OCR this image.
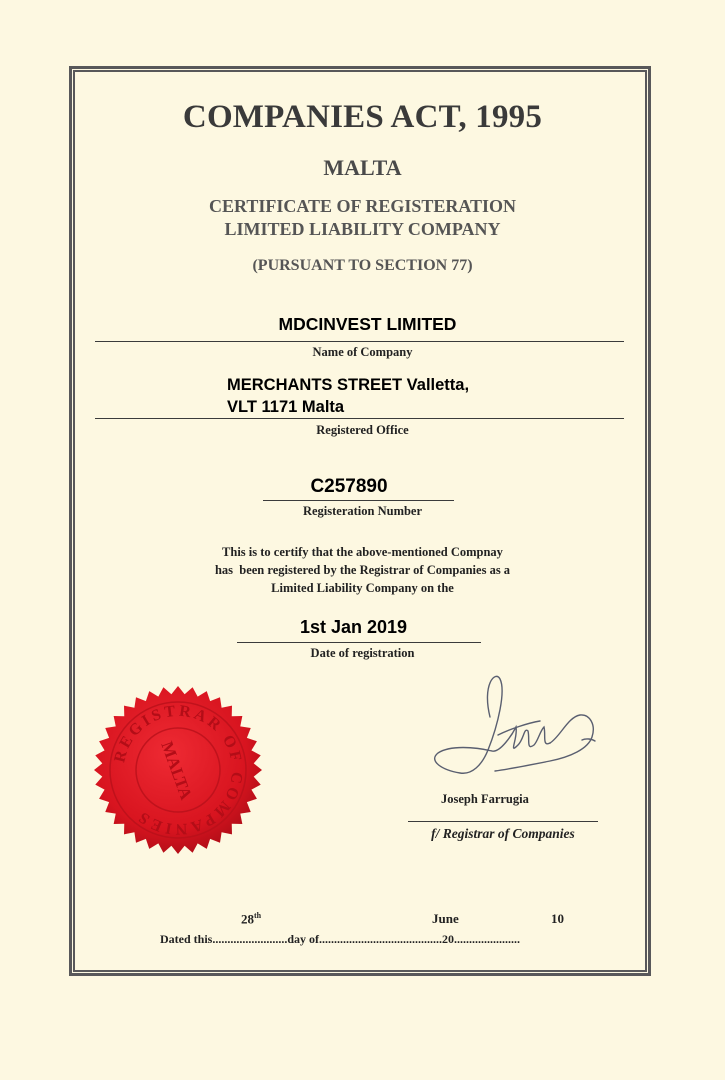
COMPANIES ACT, 1995
MALTA
CERTIFICATE OF REGISTERATION
LIMITED LIABILITY COMPANY
(PURSUANT TO SECTION 77)
MDCINVEST LIMITED
Name of Company
MERCHANTS STREET Valletta,
VLT 1171 Malta
Registered Office
C257890
Registeration Number
This is to certify that the above-mentioned Compnay
has  been registered by the Registrar of Companies as a
Limited Liability Company on the
1st Jan 2019
Date of registration
REGISTRAR OF COMPANIES
MALTA	Joseph Farrugia
f/ Registrar of Companies
28th	June	10
Dated this.........................day of.........................................20......................
